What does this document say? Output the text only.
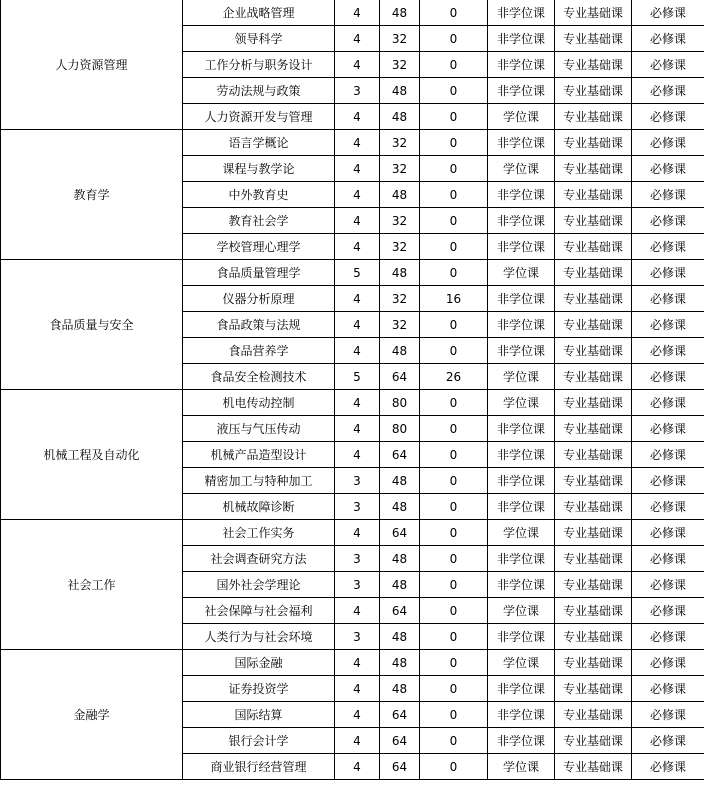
人力资源管理	企业战略管理	4	48	0	非学位课	专业基础课	必修课
	领导科学	4	32	0	非学位课	专业基础课	必修课
	工作分析与职务设计	4	32	0	非学位课	专业基础课	必修课
	劳动法规与政策	3	48	0	非学位课	专业基础课	必修课
	人力资源开发与管理	4	48	0	学位课	专业基础课	必修课
教育学	语言学概论	4	32	0	非学位课	专业基础课	必修课
	课程与教学论	4	32	0	学位课	专业基础课	必修课
	中外教育史	4	48	0	非学位课	专业基础课	必修课
	教育社会学	4	32	0	非学位课	专业基础课	必修课
	学校管理心理学	4	32	0	非学位课	专业基础课	必修课
食品质量与安全	食品质量管理学	5	48	0	学位课	专业基础课	必修课
	仪器分析原理	4	32	16	非学位课	专业基础课	必修课
	食品政策与法规	4	32	0	非学位课	专业基础课	必修课
	食品营养学	4	48	0	非学位课	专业基础课	必修课
	食品安全检测技术	5	64	26	学位课	专业基础课	必修课
机械工程及自动化	机电传动控制	4	80	0	学位课	专业基础课	必修课
	液压与气压传动	4	80	0	非学位课	专业基础课	必修课
	机械产品造型设计	4	64	0	非学位课	专业基础课	必修课
	精密加工与特种加工	3	48	0	非学位课	专业基础课	必修课
	机械故障诊断	3	48	0	非学位课	专业基础课	必修课
社会工作	社会工作实务	4	64	0	学位课	专业基础课	必修课
	社会调查研究方法	3	48	0	非学位课	专业基础课	必修课
	国外社会学理论	3	48	0	非学位课	专业基础课	必修课
	社会保障与社会福利	4	64	0	学位课	专业基础课	必修课
	人类行为与社会环境	3	48	0	非学位课	专业基础课	必修课
金融学	国际金融	4	48	0	学位课	专业基础课	必修课
	证券投资学	4	48	0	非学位课	专业基础课	必修课
	国际结算	4	64	0	非学位课	专业基础课	必修课
	银行会计学	4	64	0	非学位课	专业基础课	必修课
	商业银行经营管理	4	64	0	学位课	专业基础课	必修课
